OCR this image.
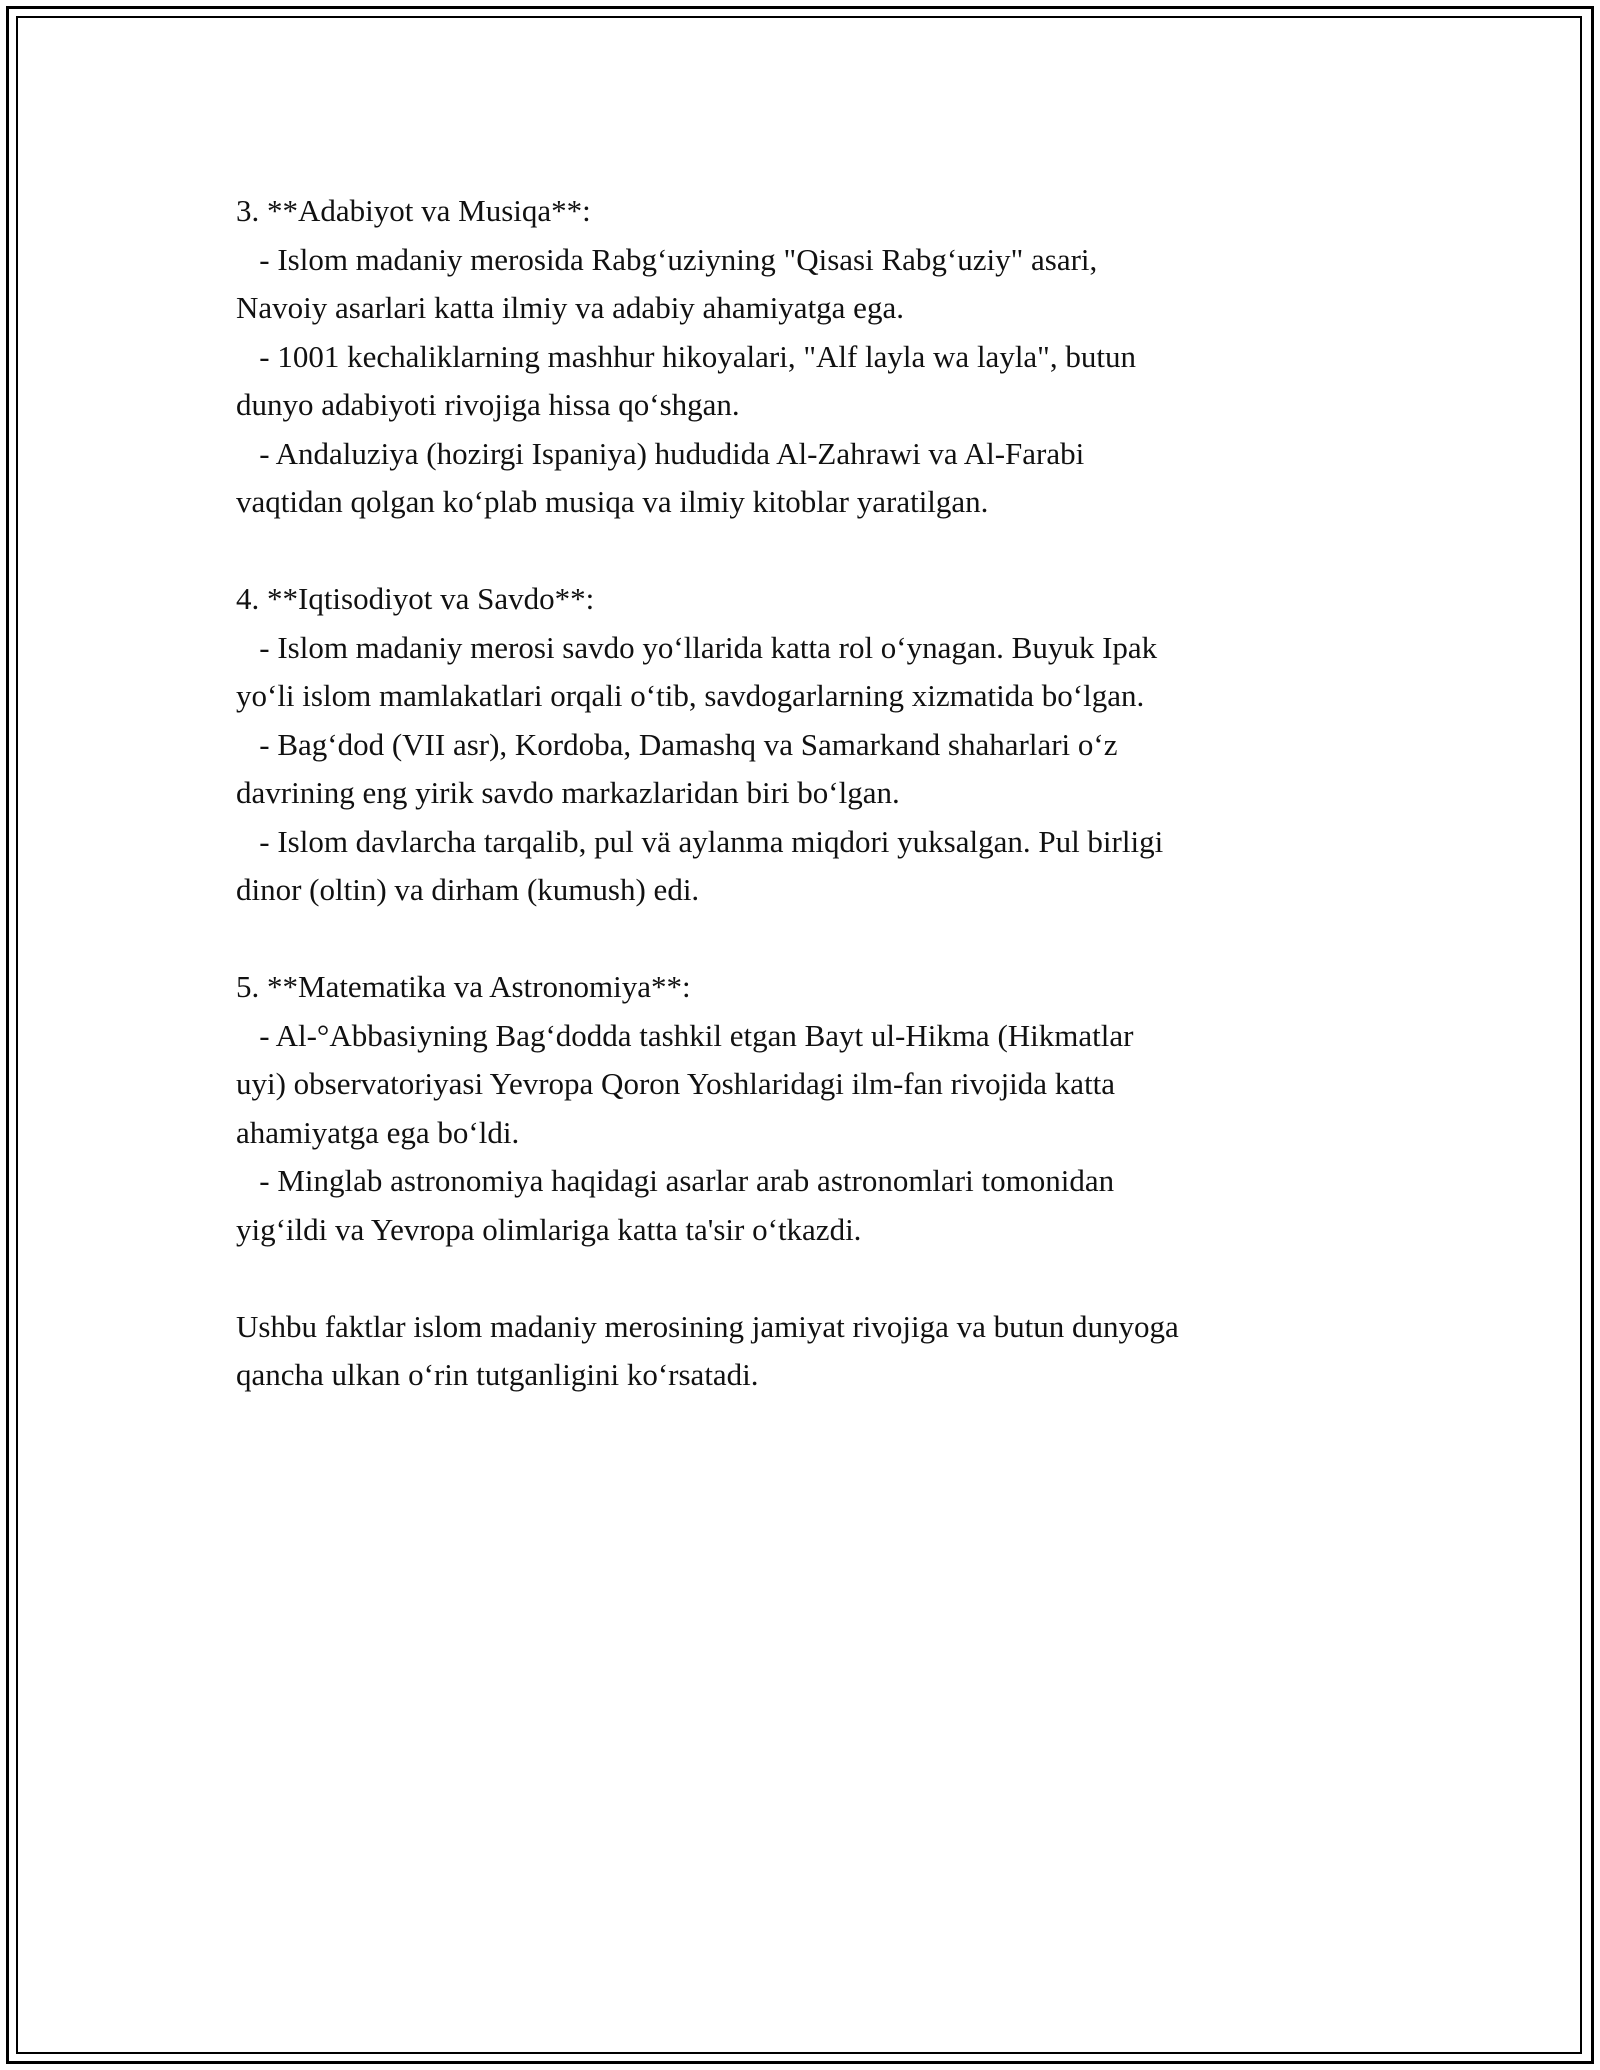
3. **Adabiyot va Musiqa**:
- Islom madaniy merosida Rabg‘uziyning "Qisasi Rabg‘uziy" asari,
Navoiy asarlari katta ilmiy va adabiy ahamiyatga ega.
- 1001 kechaliklarning mashhur hikoyalari, "Alf layla wa layla", butun
dunyo adabiyoti rivojiga hissa qo‘shgan.
- Andaluziya (hozirgi Ispaniya) hududida Al-Zahrawi va Al-Farabi
vaqtidan qolgan ko‘plab musiqa va ilmiy kitoblar yaratilgan.
4. **Iqtisodiyot va Savdo**:
- Islom madaniy merosi savdo yo‘llarida katta rol o‘ynagan. Buyuk Ipak
yo‘li islom mamlakatlari orqali o‘tib, savdogarlarning xizmatida bo‘lgan.
- Bag‘dod (VII asr), Kordoba, Damashq va Samarkand shaharlari o‘z
davrining eng yirik savdo markazlaridan biri bo‘lgan.
- Islom davlarcha tarqalib, pul vä aylanma miqdori yuksalgan. Pul birligi
dinor (oltin) va dirham (kumush) edi.
5. **Matematika va Astronomiya**:
- Al-°Abbasiyning Bag‘dodda tashkil etgan Bayt ul-Hikma (Hikmatlar
uyi) observatoriyasi Yevropa Qoron Yoshlaridagi ilm-fan rivojida katta
ahamiyatga ega bo‘ldi.
- Minglab astronomiya haqidagi asarlar arab astronomlari tomonidan
yig‘ildi va Yevropa olimlariga katta ta'sir o‘tkazdi.
Ushbu faktlar islom madaniy merosining jamiyat rivojiga va butun dunyoga
qancha ulkan o‘rin tutganligini ko‘rsatadi.
